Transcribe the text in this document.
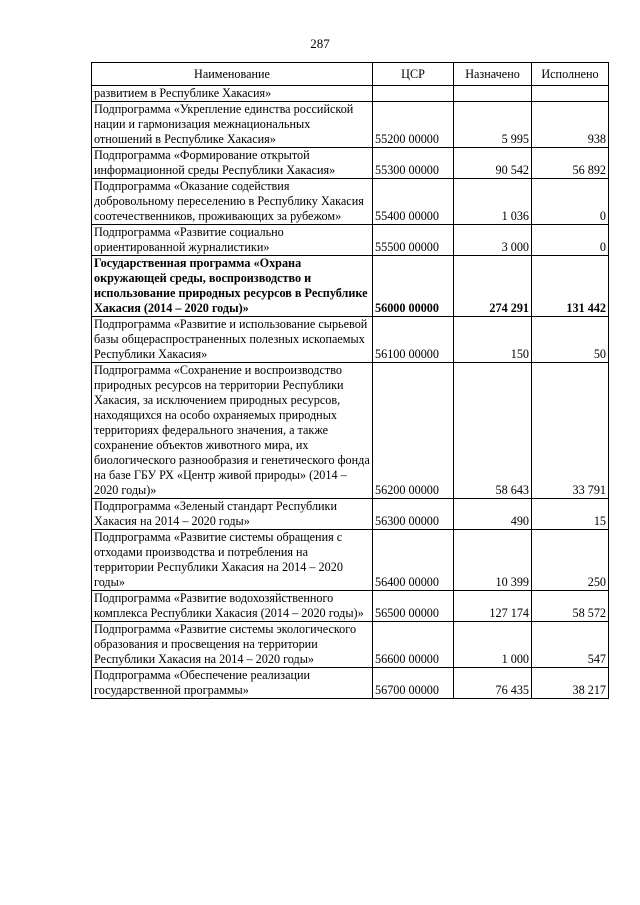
287
Наименование	ЦСР	Назначено	Исполнено
развитием в Республике Хакасия»			
Подпрограмма «Укрепление единства российской нации и гармонизация межнациональных отношений в Республике Хакасия»	55200 00000	5 995	938
Подпрограмма «Формирование открытой информационной среды Республики Хакасия»	55300 00000	90 542	56 892
Подпрограмма «Оказание содействия добровольному переселению в Республику Хакасия соотечественников, проживающих за рубежом»	55400 00000	1 036	0
Подпрограмма «Развитие социально ориентированной журналистики»	55500 00000	3 000	0
Государственная программа «Охрана окружающей среды, воспроизводство и использование природных ресурсов в Республике Хакасия (2014 – 2020 годы)»	56000 00000	274 291	131 442
Подпрограмма «Развитие и использование сырьевой базы общераспространенных полезных ископаемых Республики Хакасия»	56100 00000	150	50
Подпрограмма «Сохранение и воспроизводство природных ресурсов на территории Республики Хакасия, за исключением природных ресурсов, находящихся на особо охраняемых природных территориях федерального значения, а также сохранение объектов животного мира, их биологического разнообразия и генетического фонда на базе ГБУ РХ «Центр живой природы» (2014 – 2020 годы)»	56200 00000	58 643	33 791
Подпрограмма «Зеленый стандарт Республики Хакасия на 2014 – 2020 годы»	56300 00000	490	15
Подпрограмма «Развитие системы обращения с отходами производства и потребления на территории Республики Хакасия на 2014 – 2020 годы»	56400 00000	10 399	250
Подпрограмма «Развитие водохозяйственного комплекса Республики Хакасия (2014 – 2020 годы)»	56500 00000	127 174	58 572
Подпрограмма «Развитие системы экологического образования и просвещения на территории Республики Хакасия на 2014 – 2020 годы»	56600 00000	1 000	547
Подпрограмма «Обеспечение реализации государственной программы»	56700 00000	76 435	38 217
